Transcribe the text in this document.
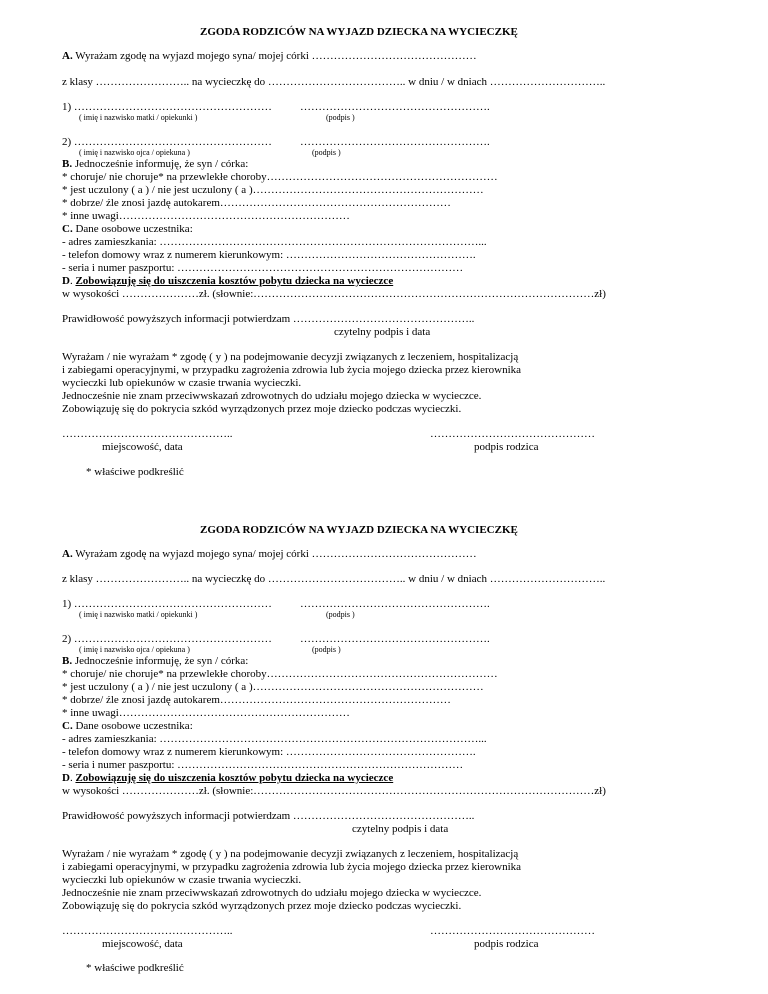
ZGODA RODZICÓW NA WYJAZD DZIECKA NA WYCIECZKĘ
A. Wyrażam zgodę na wyjazd mojego syna/ mojej córki ………………………………………
z klasy …………………….. na wycieczkę do ……………………………….. w dniu / w dniach …………………………..
1) ………………………………………………	…………………………………………….
( imię i nazwisko matki / opiekunki )	(podpis )
2) ………………………………………………	…………………………………………….
( imię i nazwisko ojca / opiekuna )	(podpis )
B. Jednocześnie informuję, że syn / córka:
* choruje/ nie choruje* na przewlekłe choroby………………………………………………………
* jest uczulony ( a ) / nie jest uczulony ( a )………………………………………………………
* dobrze/ źle znosi jazdę autokarem………………………………………………………
* inne uwagi………………………………………………………
C. Dane osobowe uczestnika:
- adres zamieszkania: ……………………………………………………………………………...
- telefon domowy wraz z numerem kierunkowym: …………………………………………….
- seria i numer paszportu: ……………………………………………………………………
D. Zobowiązuję się do uiszczenia kosztów pobytu dziecka na wycieczce
w wysokości …………………zł. (słownie:…………………………………………………………………………………zł)
Prawidłowość powyższych informacji potwierdzam …………………………………………..
czytelny podpis i data
Wyrażam / nie wyrażam * zgodę ( y ) na podejmowanie decyzji związanych z leczeniem, hospitalizacją
i zabiegami operacyjnymi, w przypadku zagrożenia zdrowia lub życia mojego dziecka przez kierownika
wycieczki lub opiekunów w czasie trwania wycieczki.
Jednocześnie nie znam przeciwwskazań zdrowotnych do udziału mojego dziecka w wycieczce.
Zobowiązuję się do pokrycia szkód wyrządzonych przez moje dziecko podczas wycieczki.
………………………………………..	………………………………………
miejscowość, data	podpis rodzica
* właściwe podkreślić
ZGODA RODZICÓW NA WYJAZD DZIECKA NA WYCIECZKĘ
A. Wyrażam zgodę na wyjazd mojego syna/ mojej córki ………………………………………
z klasy …………………….. na wycieczkę do ……………………………….. w dniu / w dniach …………………………..
1) ………………………………………………	…………………………………………….
( imię i nazwisko matki / opiekunki )	(podpis )
2) ………………………………………………	…………………………………………….
( imię i nazwisko ojca / opiekuna )	(podpis )
B. Jednocześnie informuję, że syn / córka:
* choruje/ nie choruje* na przewlekłe choroby………………………………………………………
* jest uczulony ( a ) / nie jest uczulony ( a )………………………………………………………
* dobrze/ źle znosi jazdę autokarem………………………………………………………
* inne uwagi………………………………………………………
C. Dane osobowe uczestnika:
- adres zamieszkania: ……………………………………………………………………………...
- telefon domowy wraz z numerem kierunkowym: …………………………………………….
- seria i numer paszportu: ……………………………………………………………………
D. Zobowiązuję się do uiszczenia kosztów pobytu dziecka na wycieczce
w wysokości …………………zł. (słownie:…………………………………………………………………………………zł)
Prawidłowość powyższych informacji potwierdzam …………………………………………..
czytelny podpis i data
Wyrażam / nie wyrażam * zgodę ( y ) na podejmowanie decyzji związanych z leczeniem, hospitalizacją
i zabiegami operacyjnymi, w przypadku zagrożenia zdrowia lub życia mojego dziecka przez kierownika
wycieczki lub opiekunów w czasie trwania wycieczki.
Jednocześnie nie znam przeciwwskazań zdrowotnych do udziału mojego dziecka w wycieczce.
Zobowiązuję się do pokrycia szkód wyrządzonych przez moje dziecko podczas wycieczki.
………………………………………..	………………………………………
miejscowość, data	podpis rodzica
* właściwe podkreślić
